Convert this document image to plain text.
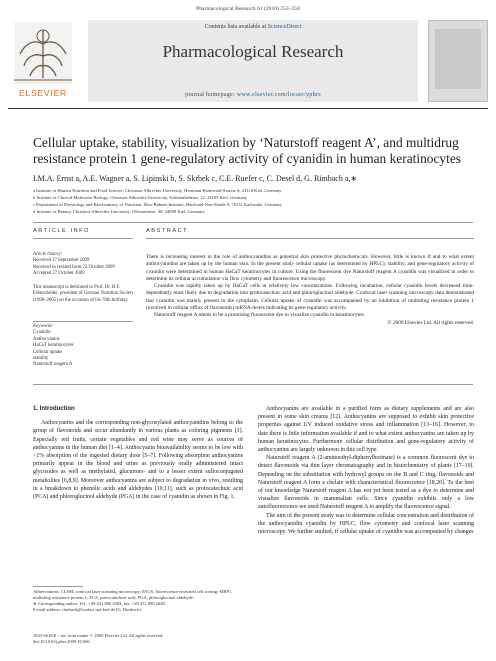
Pharmacological Research 61 (2010) 253–258
ELSEVIER
Contents lists available at ScienceDirect
Pharmacological Research
journal homepage: www.elsevier.com/locate/yphrs
Cellular uptake, stability, visualization by ‘Naturstoff reagent A’, and multidrug resistance protein 1 gene-regulatory activity of cyanidin in human keratinocytes
I.M.A. Ernst a, A.E. Wagner a, S. Lipinski b, S. Skrbek c, C.E. Ruefer c, C. Desel d, G. Rimbach a,∗
a Institute of Human Nutrition and Food Science, Christian-Albrechts-University, Hermann-Rodewald-Strasse 6, 24118 Kiel, Germany
b Institute of Clinical Molecular Biology, Christian-Albrechts-University, Schittenhelmstr. 12, 24105 Kiel, Germany
c Department of Physiology and Biochemistry of Nutrition, Max-Rubner-Institute, Haid-und-Neu-Straße 9, 76131 Karlsruhe, Germany
d Institute of Botany, Christian-Albrechts-University, Olshausenstr. 40, 24098 Kiel, Germany
ARTICLE INFO	ABSTRACT
Article history:
Received 17 September 2009
Received in revised form 23 October 2009
Accepted 27 October 2009
This manuscript is dedicated to Prof. Dr. H.F. Erbersdobler, president of German Nutrition Society (1998–2005) on the occasion of his 70th birthday.
Keywords:
Cyanidin
Anthocyanins
HaCaT keratinocytes
Cellular uptake
stability
Naturstoff reagent A

There is increasing interest in the role of anthocyanidins as potential skin protective phytochemicals. However, little is known if and to what extent anthocyanidins are taken up by the human skin. In the present study cellular uptake (as determined by HPLC), stability, and gene-regulatory activity of cyanidin were determined in human HaCaT keratinocytes in culture. Using the fluorescent dye Naturstoff reagent A cyanidin was visualized in order to determine its cellular accumulation via flow cytometry and fluorescence microscopy.

Cyanidin was rapidly taken up by HaCaT cells at relatively low concentrations. Following incubation, cellular cyanidin levels decreased time-dependently most likely due to degradation into protocatechuic acid and phloroglucinol aldehyde. Confocal laser scanning microscopy data demonstrated that cyanidin was mainly present in the cytoplasm. Cellular uptake of cyanidin was accompanied by an inhibition of multidrug resistance protein 1 (involved in cellular efflux of flavonoids) mRNA-levels indicating its gene-regulatory activity.

Naturstoff reagent A seems to be a promising fluorescent dye to visualize cyanidin in keratinocytes.

© 2009 Elsevier Ltd. All rights reserved.
1. Introduction

Anthocyanins and the corresponding non-glycosylated anthocyanidins belong to the group of flavonoids and occur abundantly in various plants as coloring pigments [1]. Especially red fruits, certain vegetables and red wine may serve as sources of anthocyanins in the human diet [1–4]. Anthocyanin bioavailability seems to be low with <1% absorption of the ingested dietary dose [5–7]. Following absorption anthocyanins primarily appear in the blood and urine as previously orally administered intact glycosides as well as methylated, glucurono- and to a lesser extent sulfoconjugated metabolites [6,8,9]. Moreover anthocyanins are subject to degradation in vivo, resulting in a breakdown to phenolic acids and aldehydes [10,11], such as protocatechuic acid (PCA) and phloroglucinol aldehyde (PGA) in the case of cyanidin as shown in Fig. 1.

Anthocyanins are available in a purified form as dietary supplements and are also present in some skin creams [12]. Anthocyanins are supposed to exhibit skin protective properties against UV induced oxidative stress and inflammation [13–16]. However, to date there is little information available if and to what extent anthocyanins are taken up by human keratinocytes. Furthermore cellular distribution and gene-regulatory activity of anthocyanins are largely unknown in this cell type.

Naturstoff reagent A (2-aminoethyl-diphenylborinate) is a common fluorescent dye to detect flavonoids via thin layer chromatography and in histochemistry of plants [17–19]. Depending on the substitution with hydroxyl groups on the B and C ring, flavonoids and Naturstoff reagent A form a chelate with characteristical fluorescence [18,20]. To the best of our knowledge Naturstoff reagent A has not yet been tested as a dye to determine and visualize flavonoids in mammalian cells. Since cyanidin exhibits only a low autofluorescence we used Naturstoff reagent A to amplify the fluorescence signal.

The aim of the present study was to determine cellular concentration and distribution of the anthocyanidin cyanidin by HPLC, flow cytometry and confocal laser scanning microscopy. We further studied, if cellular uptake of cyanidin was accompanied by changes

Abbreviations: CLSM, confocal laser scanning microscopy; FACS, fluorescence-activated cell sorting; MRP1, multidrug resistance protein 1; PCA, protocatechuic acid; PGA, phloroglucinol aldehyde.
∗ Corresponding author. Tel.: +49 431 880 2583; fax: +49 431 880 2628.
E-mail address: rimbach@foodsci.uni-kiel.de (G. Rimbach).
1043-6618/$ – see front matter © 2009 Elsevier Ltd. All rights reserved.
doi:10.1016/j.phrs.2009.10.006
